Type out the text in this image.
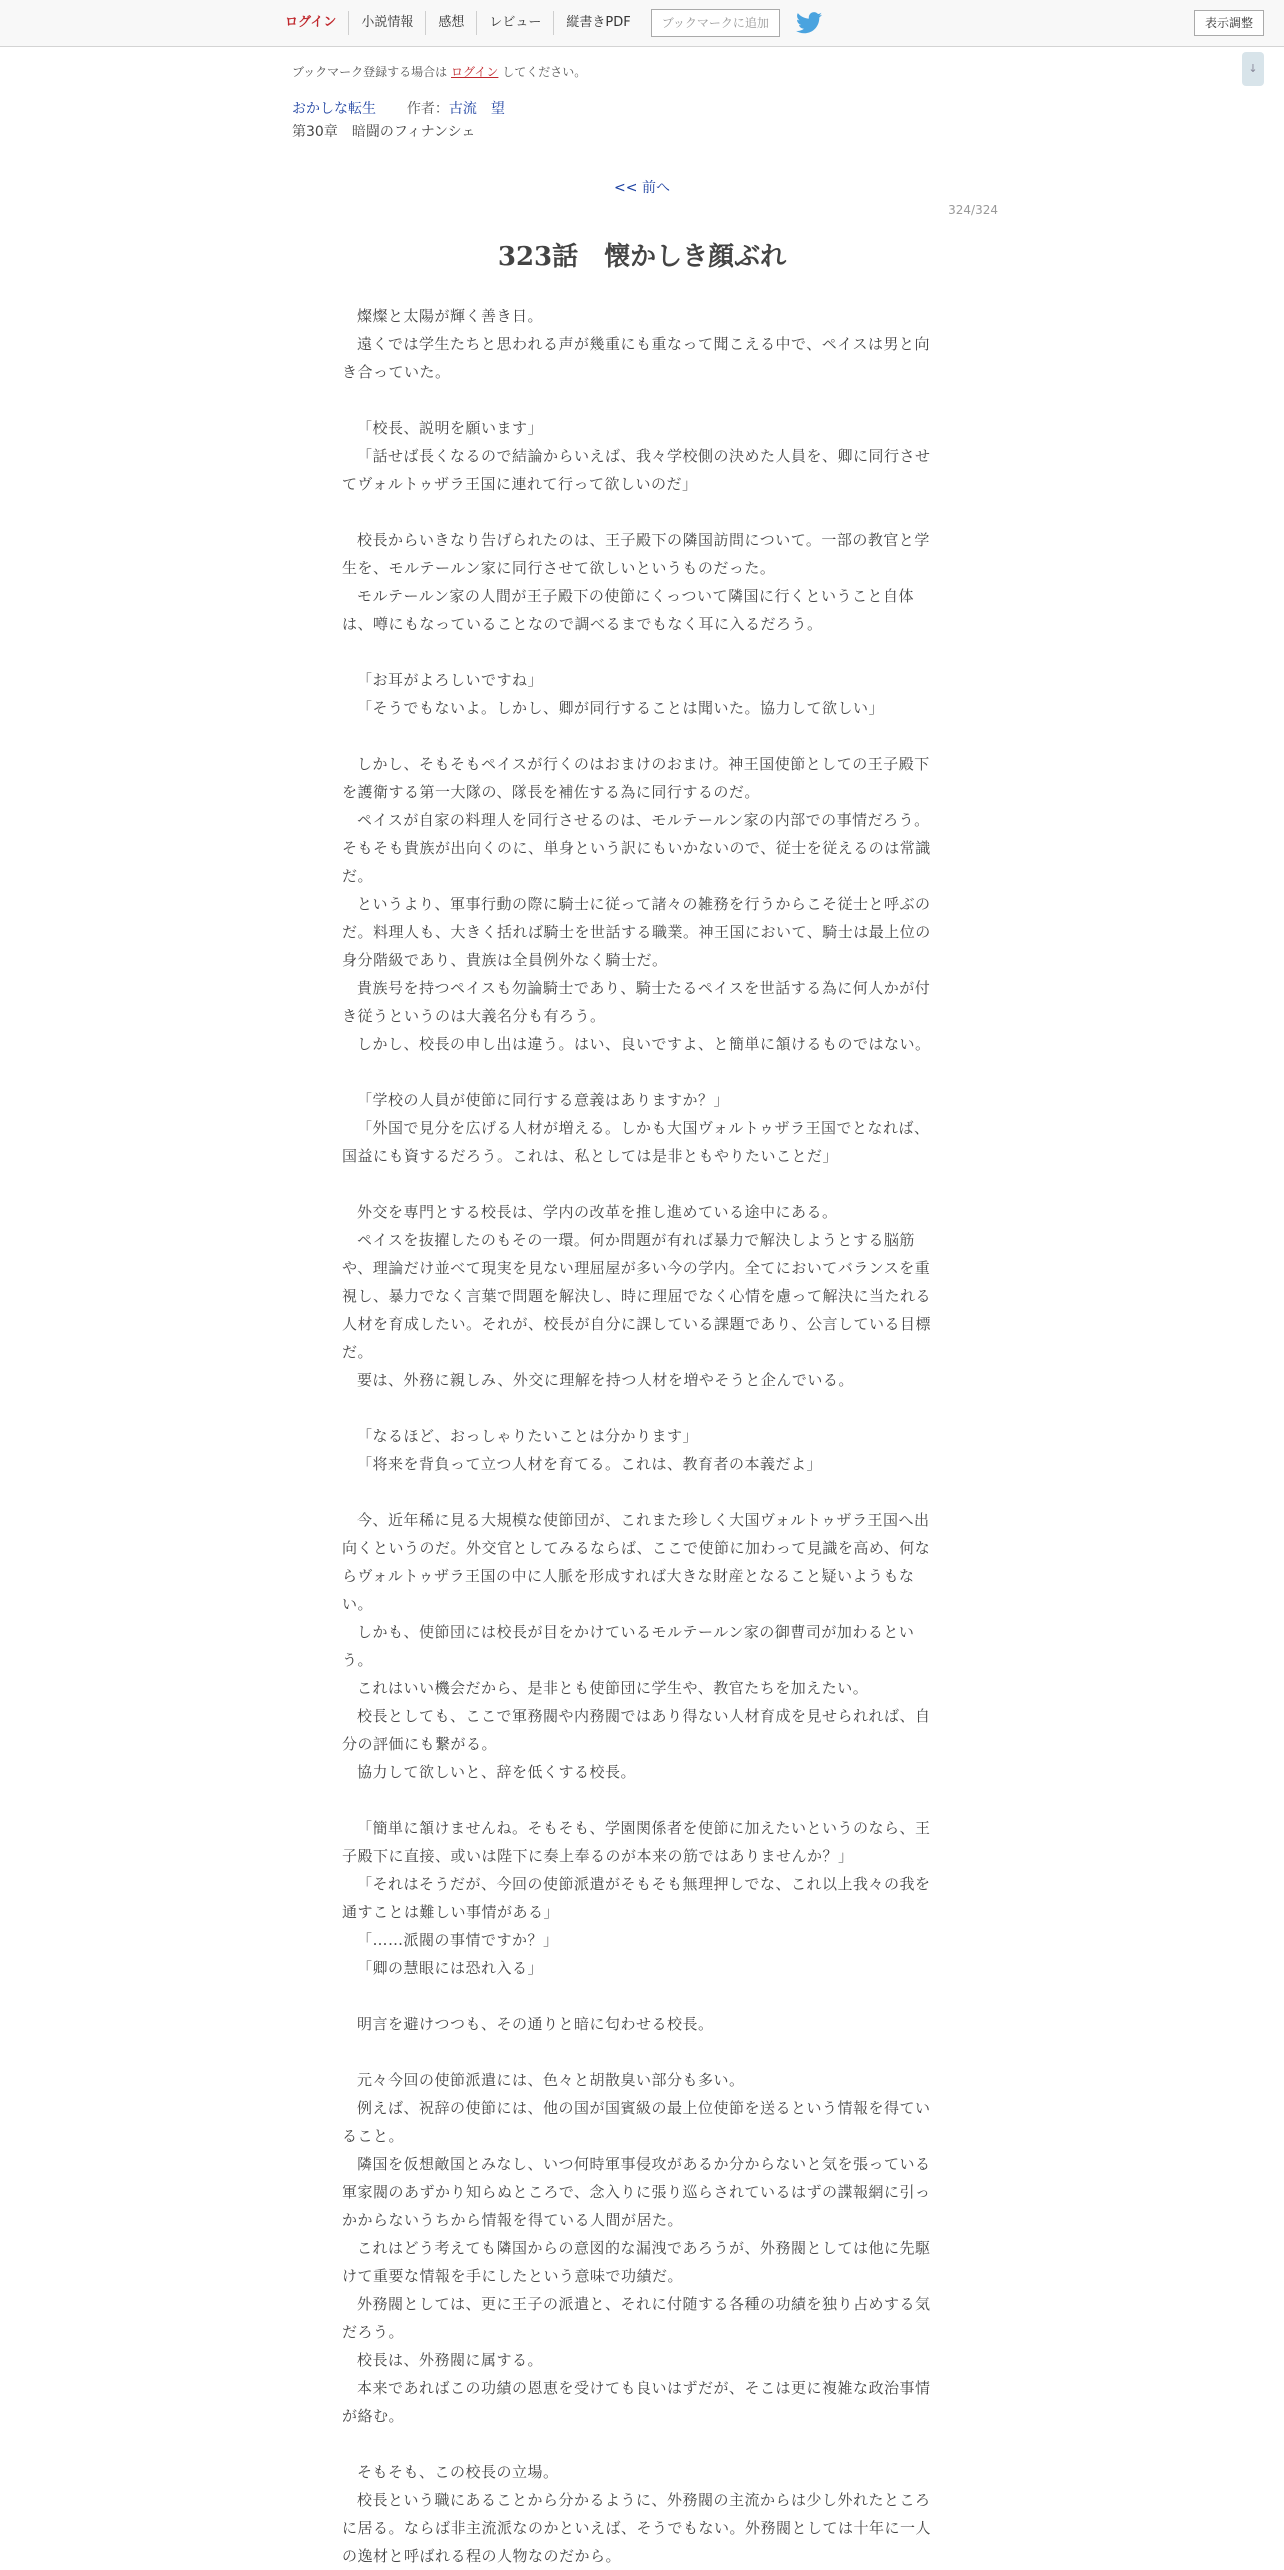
ログイン	小説情報	感想	レビュー	縦書きPDF	ブックマークに追加	表示調整
↓
ブックマーク登録する場合は ログイン してください。
おかしな転生 作者：古流　望
第30章　暗闘のフィナンシェ
<< 前へ
324/324
323話　懐かしき顔ぶれ

燦燦と太陽が輝く善き日。

遠くでは学生たちと思われる声が幾重にも重なって聞こえる中で、ペイスは男と向き合っていた。

「校長、説明を願います」

「話せば長くなるので結論からいえば、我々学校側の決めた人員を、卿に同行させてヴォルトゥザラ王国に連れて行って欲しいのだ」

校長からいきなり告げられたのは、王子殿下の隣国訪問について。一部の教官と学生を、モルテールン家に同行させて欲しいというものだった。

モルテールン家の人間が王子殿下の使節にくっついて隣国に行くということ自体は、噂にもなっていることなので調べるまでもなく耳に入るだろう。

「お耳がよろしいですね」

「そうでもないよ。しかし、卿が同行することは聞いた。協力して欲しい」

しかし、そもそもペイスが行くのはおまけのおまけ。神王国使節としての王子殿下を護衛する第一大隊の、隊長を補佐する為に同行するのだ。

ペイスが自家の料理人を同行させるのは、モルテールン家の内部での事情だろう。そもそも貴族が出向くのに、単身という訳にもいかないので、従士を従えるのは常識だ。

というより、軍事行動の際に騎士に従って諸々の雑務を行うからこそ従士と呼ぶのだ。料理人も、大きく括れば騎士を世話する職業。神王国において、騎士は最上位の身分階級であり、貴族は全員例外なく騎士だ。

貴族号を持つペイスも勿論騎士であり、騎士たるペイスを世話する為に何人かが付き従うというのは大義名分も有ろう。

しかし、校長の申し出は違う。はい、良いですよ、と簡単に頷けるものではない。

「学校の人員が使節に同行する意義はありますか？」

「外国で見分を広げる人材が増える。しかも大国ヴォルトゥザラ王国でとなれば、国益にも資するだろう。これは、私としては是非ともやりたいことだ」

外交を専門とする校長は、学内の改革を推し進めている途中にある。

ペイスを抜擢したのもその一環。何か問題が有れば暴力で解決しようとする脳筋や、理論だけ並べて現実を見ない理屈屋が多い今の学内。全てにおいてバランスを重視し、暴力でなく言葉で問題を解決し、時に理屈でなく心情を慮って解決に当たれる人材を育成したい。それが、校長が自分に課している課題であり、公言している目標だ。

要は、外務に親しみ、外交に理解を持つ人材を増やそうと企んでいる。

「なるほど、おっしゃりたいことは分かります」

「将来を背負って立つ人材を育てる。これは、教育者の本義だよ」

今、近年稀に見る大規模な使節団が、これまた珍しく大国ヴォルトゥザラ王国へ出向くというのだ。外交官としてみるならば、ここで使節に加わって見識を高め、何ならヴォルトゥザラ王国の中に人脈を形成すれば大きな財産となること疑いようもない。

しかも、使節団には校長が目をかけているモルテールン家の御曹司が加わるという。

これはいい機会だから、是非とも使節団に学生や、教官たちを加えたい。

校長としても、ここで軍務閥や内務閥ではあり得ない人材育成を見せられれば、自分の評価にも繋がる。

協力して欲しいと、辞を低くする校長。

「簡単に頷けませんね。そもそも、学園関係者を使節に加えたいというのなら、王子殿下に直接、或いは陛下に奏上奉るのが本来の筋ではありませんか？」

「それはそうだが、今回の使節派遣がそもそも無理押しでな、これ以上我々の我を通すことは難しい事情がある」

「……派閥の事情ですか？」

「卿の慧眼には恐れ入る」

明言を避けつつも、その通りと暗に匂わせる校長。

元々今回の使節派遣には、色々と胡散臭い部分も多い。

例えば、祝辞の使節には、他の国が国賓級の最上位使節を送るという情報を得ていること。

隣国を仮想敵国とみなし、いつ何時軍事侵攻があるか分からないと気を張っている軍家閥のあずかり知らぬところで、念入りに張り巡らされているはずの諜報網に引っかからないうちから情報を得ている人間が居た。

これはどう考えても隣国からの意図的な漏洩であろうが、外務閥としては他に先駆けて重要な情報を手にしたという意味で功績だ。

外務閥としては、更に王子の派遣と、それに付随する各種の功績を独り占めする気だろう。

校長は、外務閥に属する。

本来であればこの功績の恩恵を受けても良いはずだが、そこは更に複雑な政治事情が絡む。

そもそも、この校長の立場。

校長という職にあることから分かるように、外務閥の主流からは少し外れたところに居る。ならば非主流派なのかといえば、そうでもない。外務閥としては十年に一人の逸材と呼ばれる程の人物なのだから。
